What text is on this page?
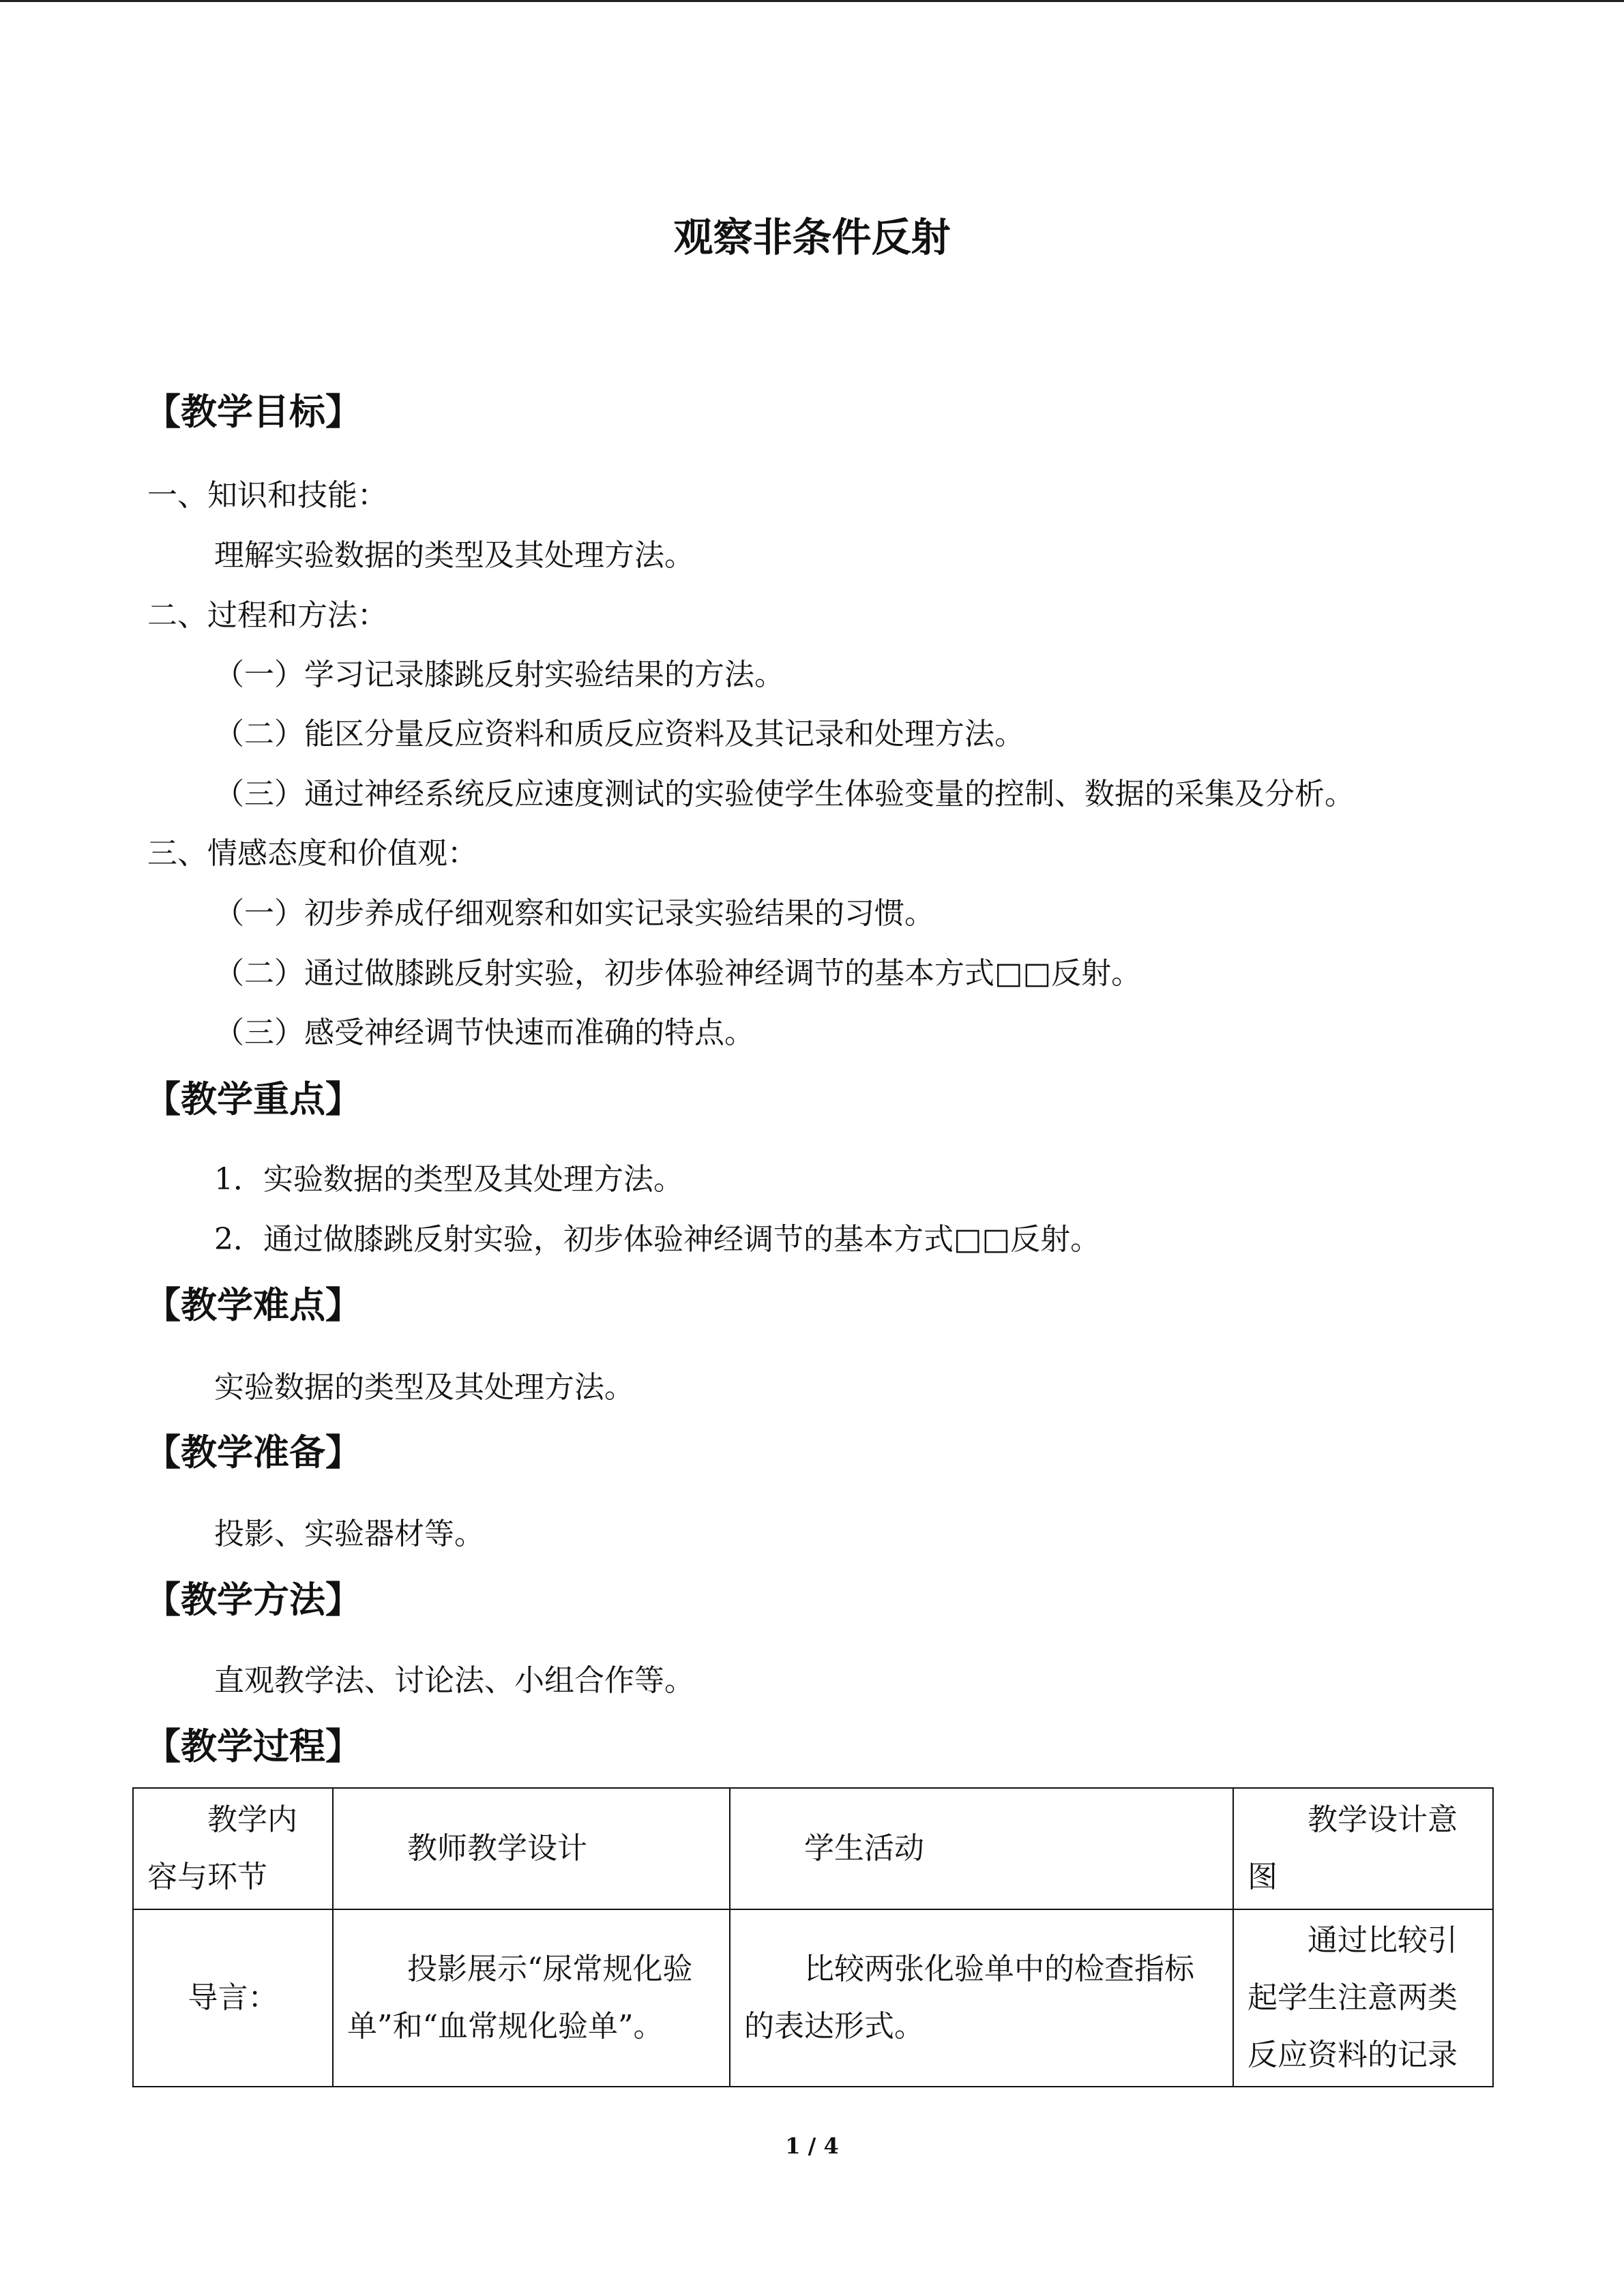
观察非条件反射
【教学目标】
一、知识和技能：
理解实验数据的类型及其处理方法。
二、过程和方法：
（一）学习记录膝跳反射实验结果的方法。
（二）能区分量反应资料和质反应资料及其记录和处理方法。
（三）通过神经系统反应速度测试的实验使学生体验变量的控制、数据的采集及分析。
三、情感态度和价值观：
（一）初步养成仔细观察和如实记录实验结果的习惯。
（二）通过做膝跳反射实验，初步体验神经调节的基本方式□□反射。
（三）感受神经调节快速而准确的特点。
【教学重点】
1．实验数据的类型及其处理方法。
2．通过做膝跳反射实验，初步体验神经调节的基本方式□□反射。
【教学难点】
实验数据的类型及其处理方法。
【教学准备】
投影、实验器材等。
【教学方法】
直观教学法、讨论法、小组合作等。
【教学过程】
教学内容与环节	教师教学设计	学生活动	教学设计意图
导言：	投影展示“尿常规化验单”和“血常规化验单”。	比较两张化验单中的检查指标的表达形式。	通过比较引起学生注意两类反应资料的记录
1 / 4
